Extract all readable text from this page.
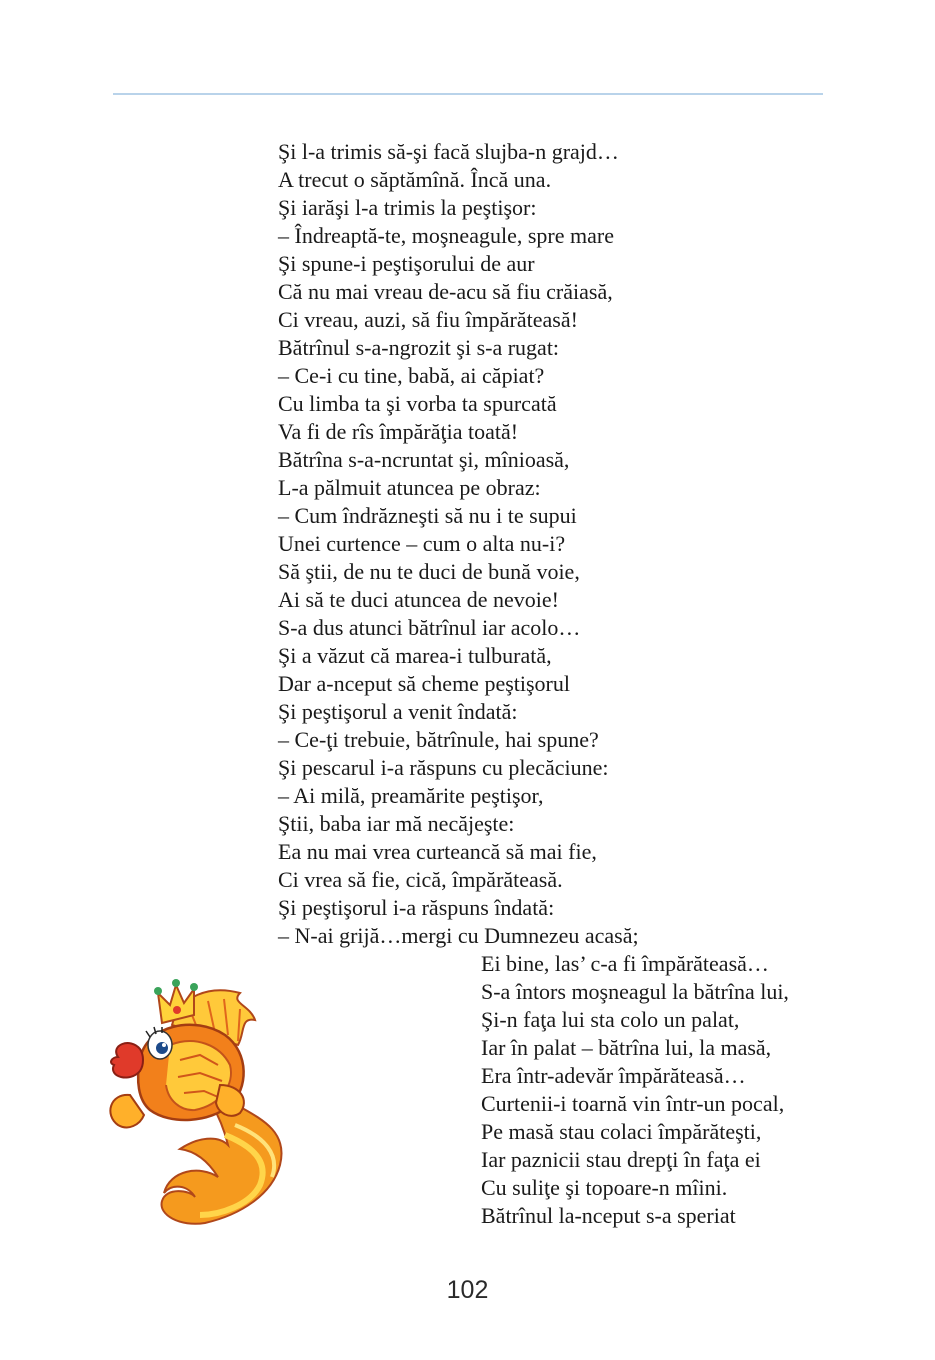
Şi l-a trimis să-şi facă slujba-n grajd…
A trecut o săptămînă. Încă una.
Şi iarăşi l-a trimis la peştişor:
– Îndreaptă-te, moşneagule, spre mare
Şi spune-i peştişorului de aur
Că nu mai vreau de-acu să fiu crăiasă,
Ci vreau, auzi, să fiu împărăteasă!
Bătrînul s-a-ngrozit şi s-a rugat:
– Ce-i cu tine, babă, ai căpiat?
Cu limba ta şi vorba ta spurcată
Va fi de rîs împărăţia toată!
Bătrîna s-a-ncruntat şi, mînioasă,
L-a pălmuit atuncea pe obraz:
– Cum îndrăzneşti să nu i te supui
Unei curtence – cum o alta nu-i?
Să ştii, de nu te duci de bună voie,
Ai să te duci atuncea de nevoie!
S-a dus atunci bătrînul iar acolo…
Şi a văzut că marea-i tulburată,
Dar a-nceput să cheme peştişorul
Şi peştişorul a venit îndată:
– Ce-ţi trebuie, bătrînule, hai spune?
Şi pescarul i-a răspuns cu plecăciune:
– Ai milă, preamărite peştişor,
Ştii, baba iar mă necăjeşte:
Ea nu mai vrea curteancă să mai fie,
Ci vrea să fie, cică, împărăteasă.
Şi peştişorul i-a răspuns îndată:
– N-ai grijă…mergi cu Dumnezeu acasă;
Ei bine, las’ c-a fi împărăteasă…
S-a întors moşneagul la bătrîna lui,
Şi-n faţa lui sta colo un palat,
Iar în palat – bătrîna lui, la masă,
Era într-adevăr împărăteasă…
Curtenii-i toarnă vin într-un pocal,
Pe masă stau colaci împărăteşti,
Iar paznicii stau drepţi în faţa ei
Cu suliţe şi topoare-n mîini.
Bătrînul la-nceput s-a speriat
102
